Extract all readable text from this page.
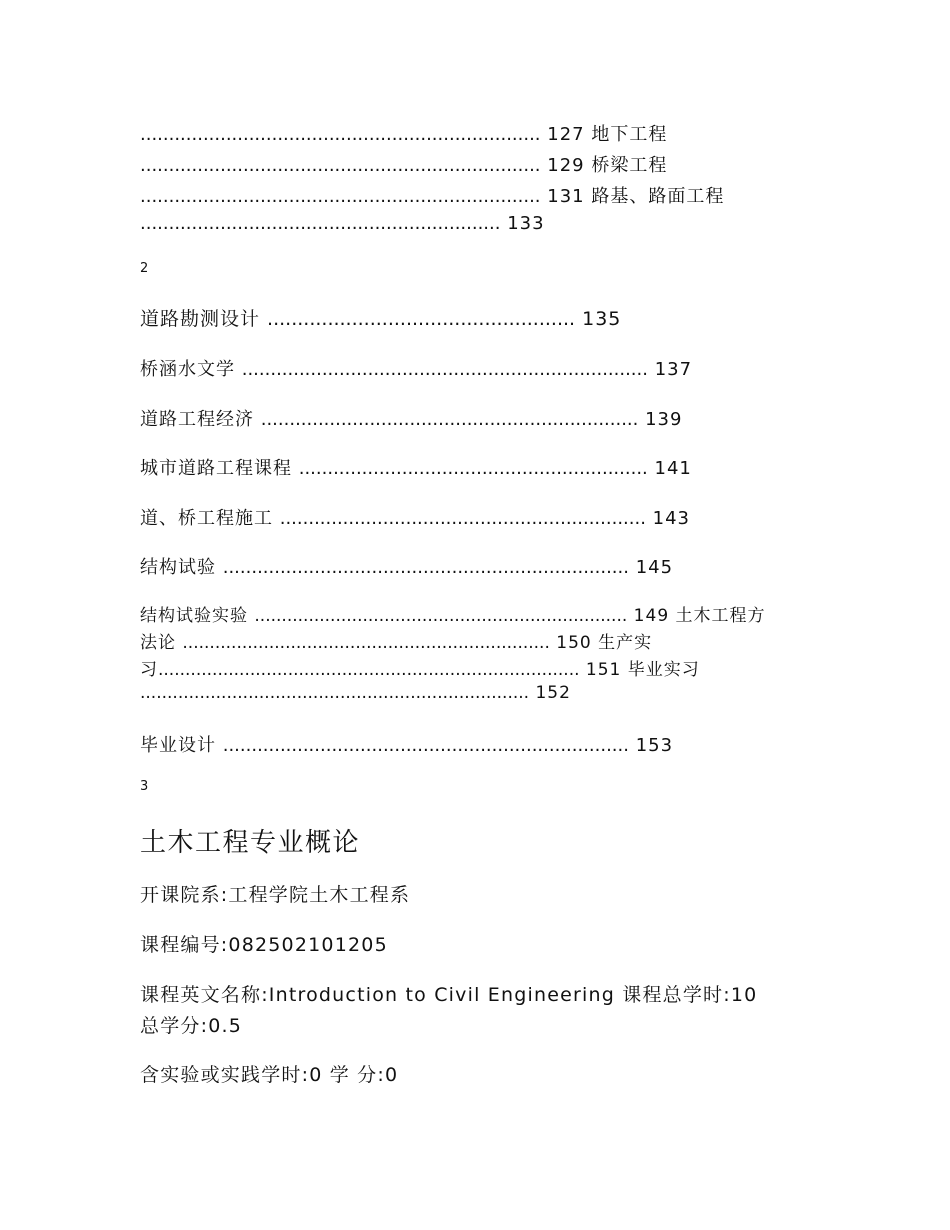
...................................................................... 127 地下工程
...................................................................... 129 桥梁工程
...................................................................... 131 路基、路面工程
............................................................... 133
2
道路勘测设计 ................................................... 135
桥涵水文学 ....................................................................... 137
道路工程经济 .................................................................. 139
城市道路工程课程 ............................................................. 141
道、桥工程施工 ................................................................ 143
结构试验 ....................................................................... 145
结构试验实验 ..................................................................... 149 土木工程方
法论 .................................................................... 150 生产实
习.............................................................................. 151 毕业实习
........................................................................ 152
毕业设计 ....................................................................... 153
3
土木工程专业概论
开课院系:工程学院土木工程系
课程编号:082502101205
课程英文名称:Introduction to Civil Engineering 课程总学时:10
总学分:0.5
含实验或实践学时:0 学 分:0
